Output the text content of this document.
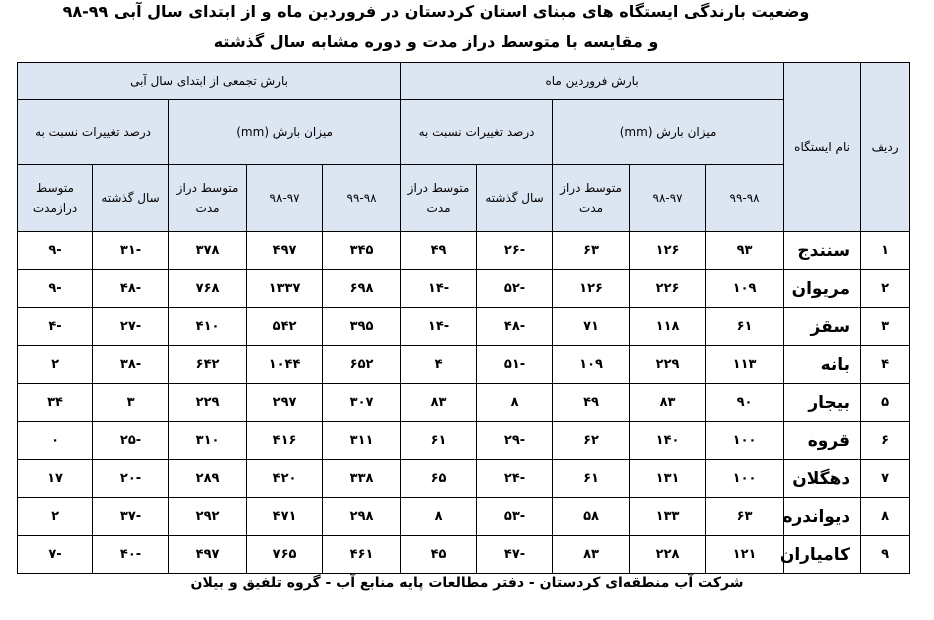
وضعیت بارندگی ایستگاه های مبنای استان کردستان در فروردین ماه و از ابتدای سال آبی ۹۹-۹۸
و مقایسه با متوسط دراز مدت و دوره مشابه سال گذشته
ردیف	نام ایستگاه	بارش فروردین ماه					بارش تجمعی از ابتدای سال آبی				
		میزان بارش (mm)			درصد تغییرات نسبت به		میزان بارش (mm)			درصد تغییرات نسبت به	
		۹۹-۹۸	۹۸-۹۷	متوسط دراز مدت	سال گذشته	متوسط دراز مدت	۹۹-۹۸	۹۸-۹۷	متوسط دراز مدت	سال گذشته	متوسط درازمدت
۱	سنندج	۹۳	۱۲۶	۶۳	-۲۶	۴۹	۳۴۵	۴۹۷	۳۷۸	-۳۱	-۹
۲	مریوان	۱۰۹	۲۲۶	۱۲۶	-۵۲	-۱۴	۶۹۸	۱۳۳۷	۷۶۸	-۴۸	-۹
۳	سقز	۶۱	۱۱۸	۷۱	-۴۸	-۱۴	۳۹۵	۵۴۲	۴۱۰	-۲۷	-۴
۴	بانه	۱۱۳	۲۲۹	۱۰۹	-۵۱	۴	۶۵۲	۱۰۴۴	۶۴۲	-۳۸	۲
۵	بیجار	۹۰	۸۳	۴۹	۸	۸۳	۳۰۷	۲۹۷	۲۲۹	۳	۳۴
۶	قروه	۱۰۰	۱۴۰	۶۲	-۲۹	۶۱	۳۱۱	۴۱۶	۳۱۰	-۲۵	۰
۷	دهگلان	۱۰۰	۱۳۱	۶۱	-۲۴	۶۵	۳۳۸	۴۲۰	۲۸۹	-۲۰	۱۷
۸	دیواندره	۶۳	۱۳۳	۵۸	-۵۳	۸	۲۹۸	۴۷۱	۲۹۲	-۳۷	۲
۹	کامیاران	۱۲۱	۲۲۸	۸۳	-۴۷	۴۵	۴۶۱	۷۶۵	۴۹۷	-۴۰	-۷
شرکت آب منطقه‌ای کردستان - دفتر مطالعات پایه منابع آب - گروه تلفیق و بیلان
